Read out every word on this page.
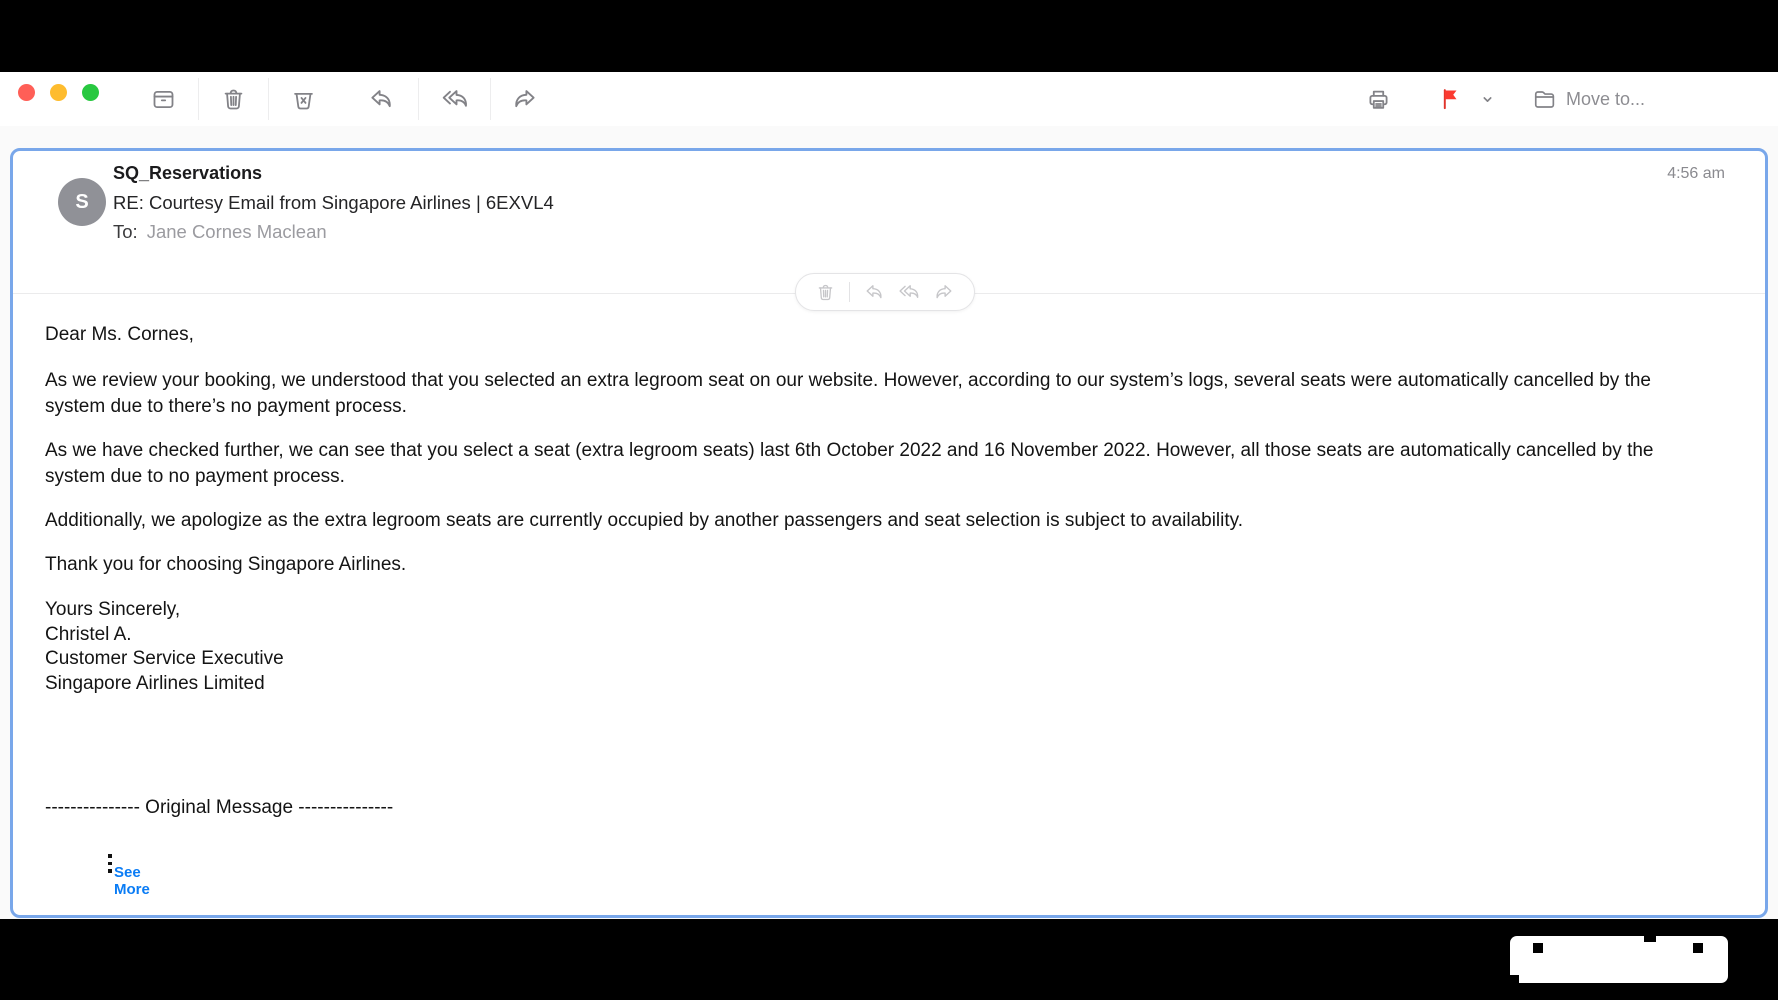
Move to...
S
SQ_Reservations
RE: Courtesy Email from Singapore Airlines | 6EXVL4
To: Jane Cornes Maclean
4:56 am
Dear Ms. Cornes,
As we review your booking, we understood that you selected an extra legroom seat on our website. However, according to our system’s logs, several seats were automatically cancelled by the system due to there’s no payment process.
As we have checked further, we can see that you select a seat (extra legroom seats) last 6th October 2022 and 16 November 2022. However, all those seats are automatically cancelled by the system due to no payment process.
Additionally, we apologize as the extra legroom seats are currently occupied by another passengers and seat selection is subject to availability.
Thank you for choosing Singapore Airlines.
Yours Sincerely,
Christel A.
Customer Service Executive
Singapore Airlines Limited
--------------- Original Message ---------------
See More
